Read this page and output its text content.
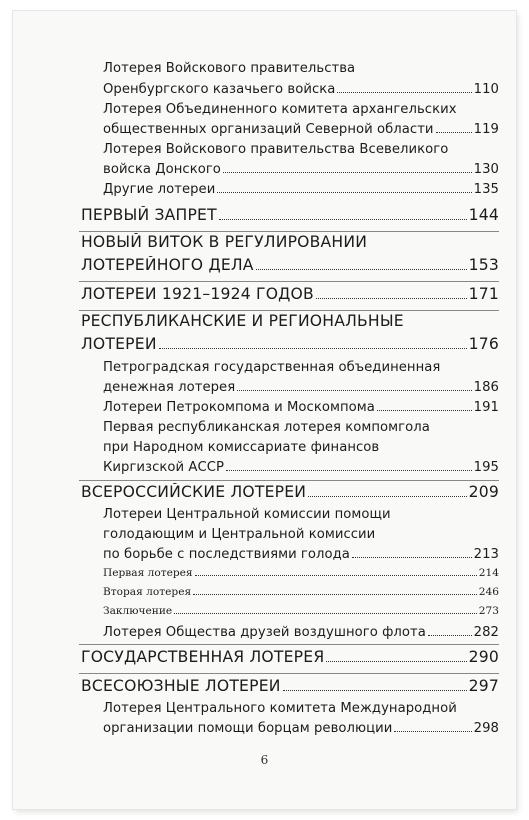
Лотерея Войскового правительства
Оренбургского казачьего войска	110
Лотерея Объединенного комитета архангельских
общественных организаций Северной области	119
Лотерея Войскового правительства Всевеликого
войска Донского	130
Другие лотереи	135
ПЕРВЫЙ ЗАПРЕТ	144
НОВЫЙ ВИТОК В РЕГУЛИРОВАНИИ
ЛОТЕРЕЙНОГО ДЕЛА	153
ЛОТЕРЕИ 1921–1924 ГОДОВ	171
РЕСПУБЛИКАНСКИЕ И РЕГИОНАЛЬНЫЕ
ЛОТЕРЕИ	176
Петроградская государственная объединенная
денежная лотерея	186
Лотереи Петрокомпома и Москомпома	191
Первая республиканская лотерея компомгола
при Народном комиссариате финансов
Киргизской АССР	195
ВСЕРОССИЙСКИЕ ЛОТЕРЕИ	209
Лотереи Центральной комиссии помощи
голодающим и Центральной комиссии
по борьбе с последствиями голода	213
Первая лотерея	214
Вторая лотерея	246
Заключение	273
Лотерея Общества друзей воздушного флота	282
ГОСУДАРСТВЕННАЯ ЛОТЕРЕЯ	290
ВСЕСОЮЗНЫЕ ЛОТЕРЕИ	297
Лотерея Центрального комитета Международной
организации помощи борцам революции	298
6
